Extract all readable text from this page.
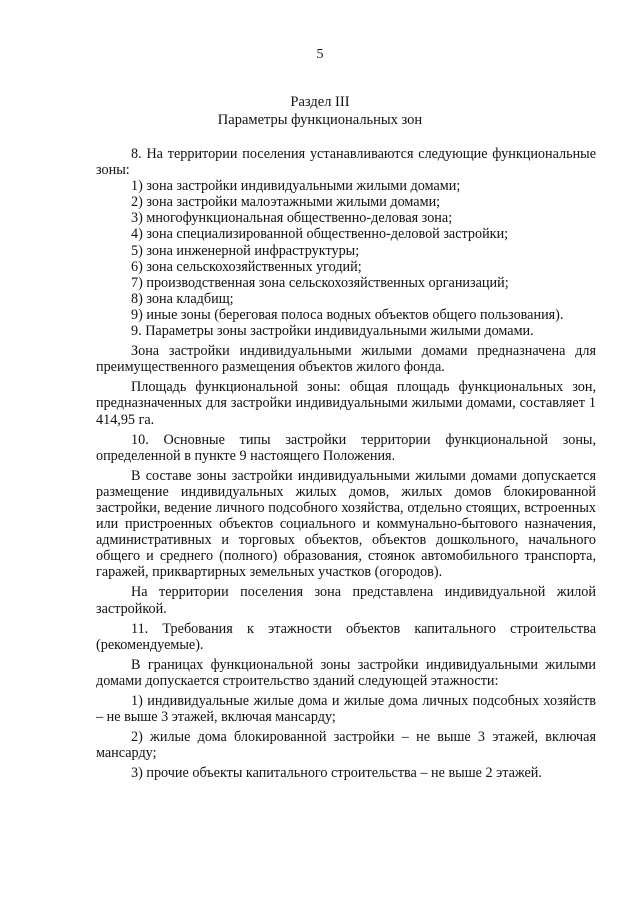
5
Раздел III
Параметры функциональных зон

8. На территории поселения устанавливаются следующие функциональные зоны:

1) зона застройки индивидуальными жилыми домами;

2) зона застройки малоэтажными жилыми домами;

3) многофункциональная общественно-деловая зона;

4) зона специализированной общественно-деловой застройки;

5) зона инженерной инфраструктуры;

6) зона сельскохозяйственных угодий;

7) производственная зона сельскохозяйственных организаций;

8) зона кладбищ;

9) иные зоны (береговая полоса водных объектов общего пользования).

9. Параметры зоны застройки индивидуальными жилыми домами.

Зона застройки индивидуальными жилыми домами предназначена для преимущественного размещения объектов жилого фонда.

Площадь функциональной зоны: общая площадь функциональных зон, предназначенных для застройки индивидуальными жилыми домами, составляет 1 414,95 га.

10. Основные типы застройки территории функциональной зоны, определенной в пункте 9 настоящего Положения.

В составе зоны застройки индивидуальными жилыми домами допускается размещение индивидуальных жилых домов, жилых домов блокированной застройки, ведение личного подсобного хозяйства, отдельно стоящих, встроенных или пристроенных объектов социального и коммунально-бытового назначения, административных и торговых объектов, объектов дошкольного, начального общего и среднего (полного) образования, стоянок автомобильного транспорта, гаражей, приквартирных земельных участков (огородов).

На территории поселения зона представлена индивидуальной жилой застройкой.

11. Требования к этажности объектов капитального строительства (рекомендуемые).

В границах функциональной зоны застройки индивидуальными жилыми домами допускается строительство зданий следующей этажности:

1) индивидуальные жилые дома и жилые дома личных подсобных хозяйств – не выше 3 этажей, включая мансарду;

2) жилые дома блокированной застройки – не выше 3 этажей, включая мансарду;

3) прочие объекты капитального строительства – не выше 2 этажей.
